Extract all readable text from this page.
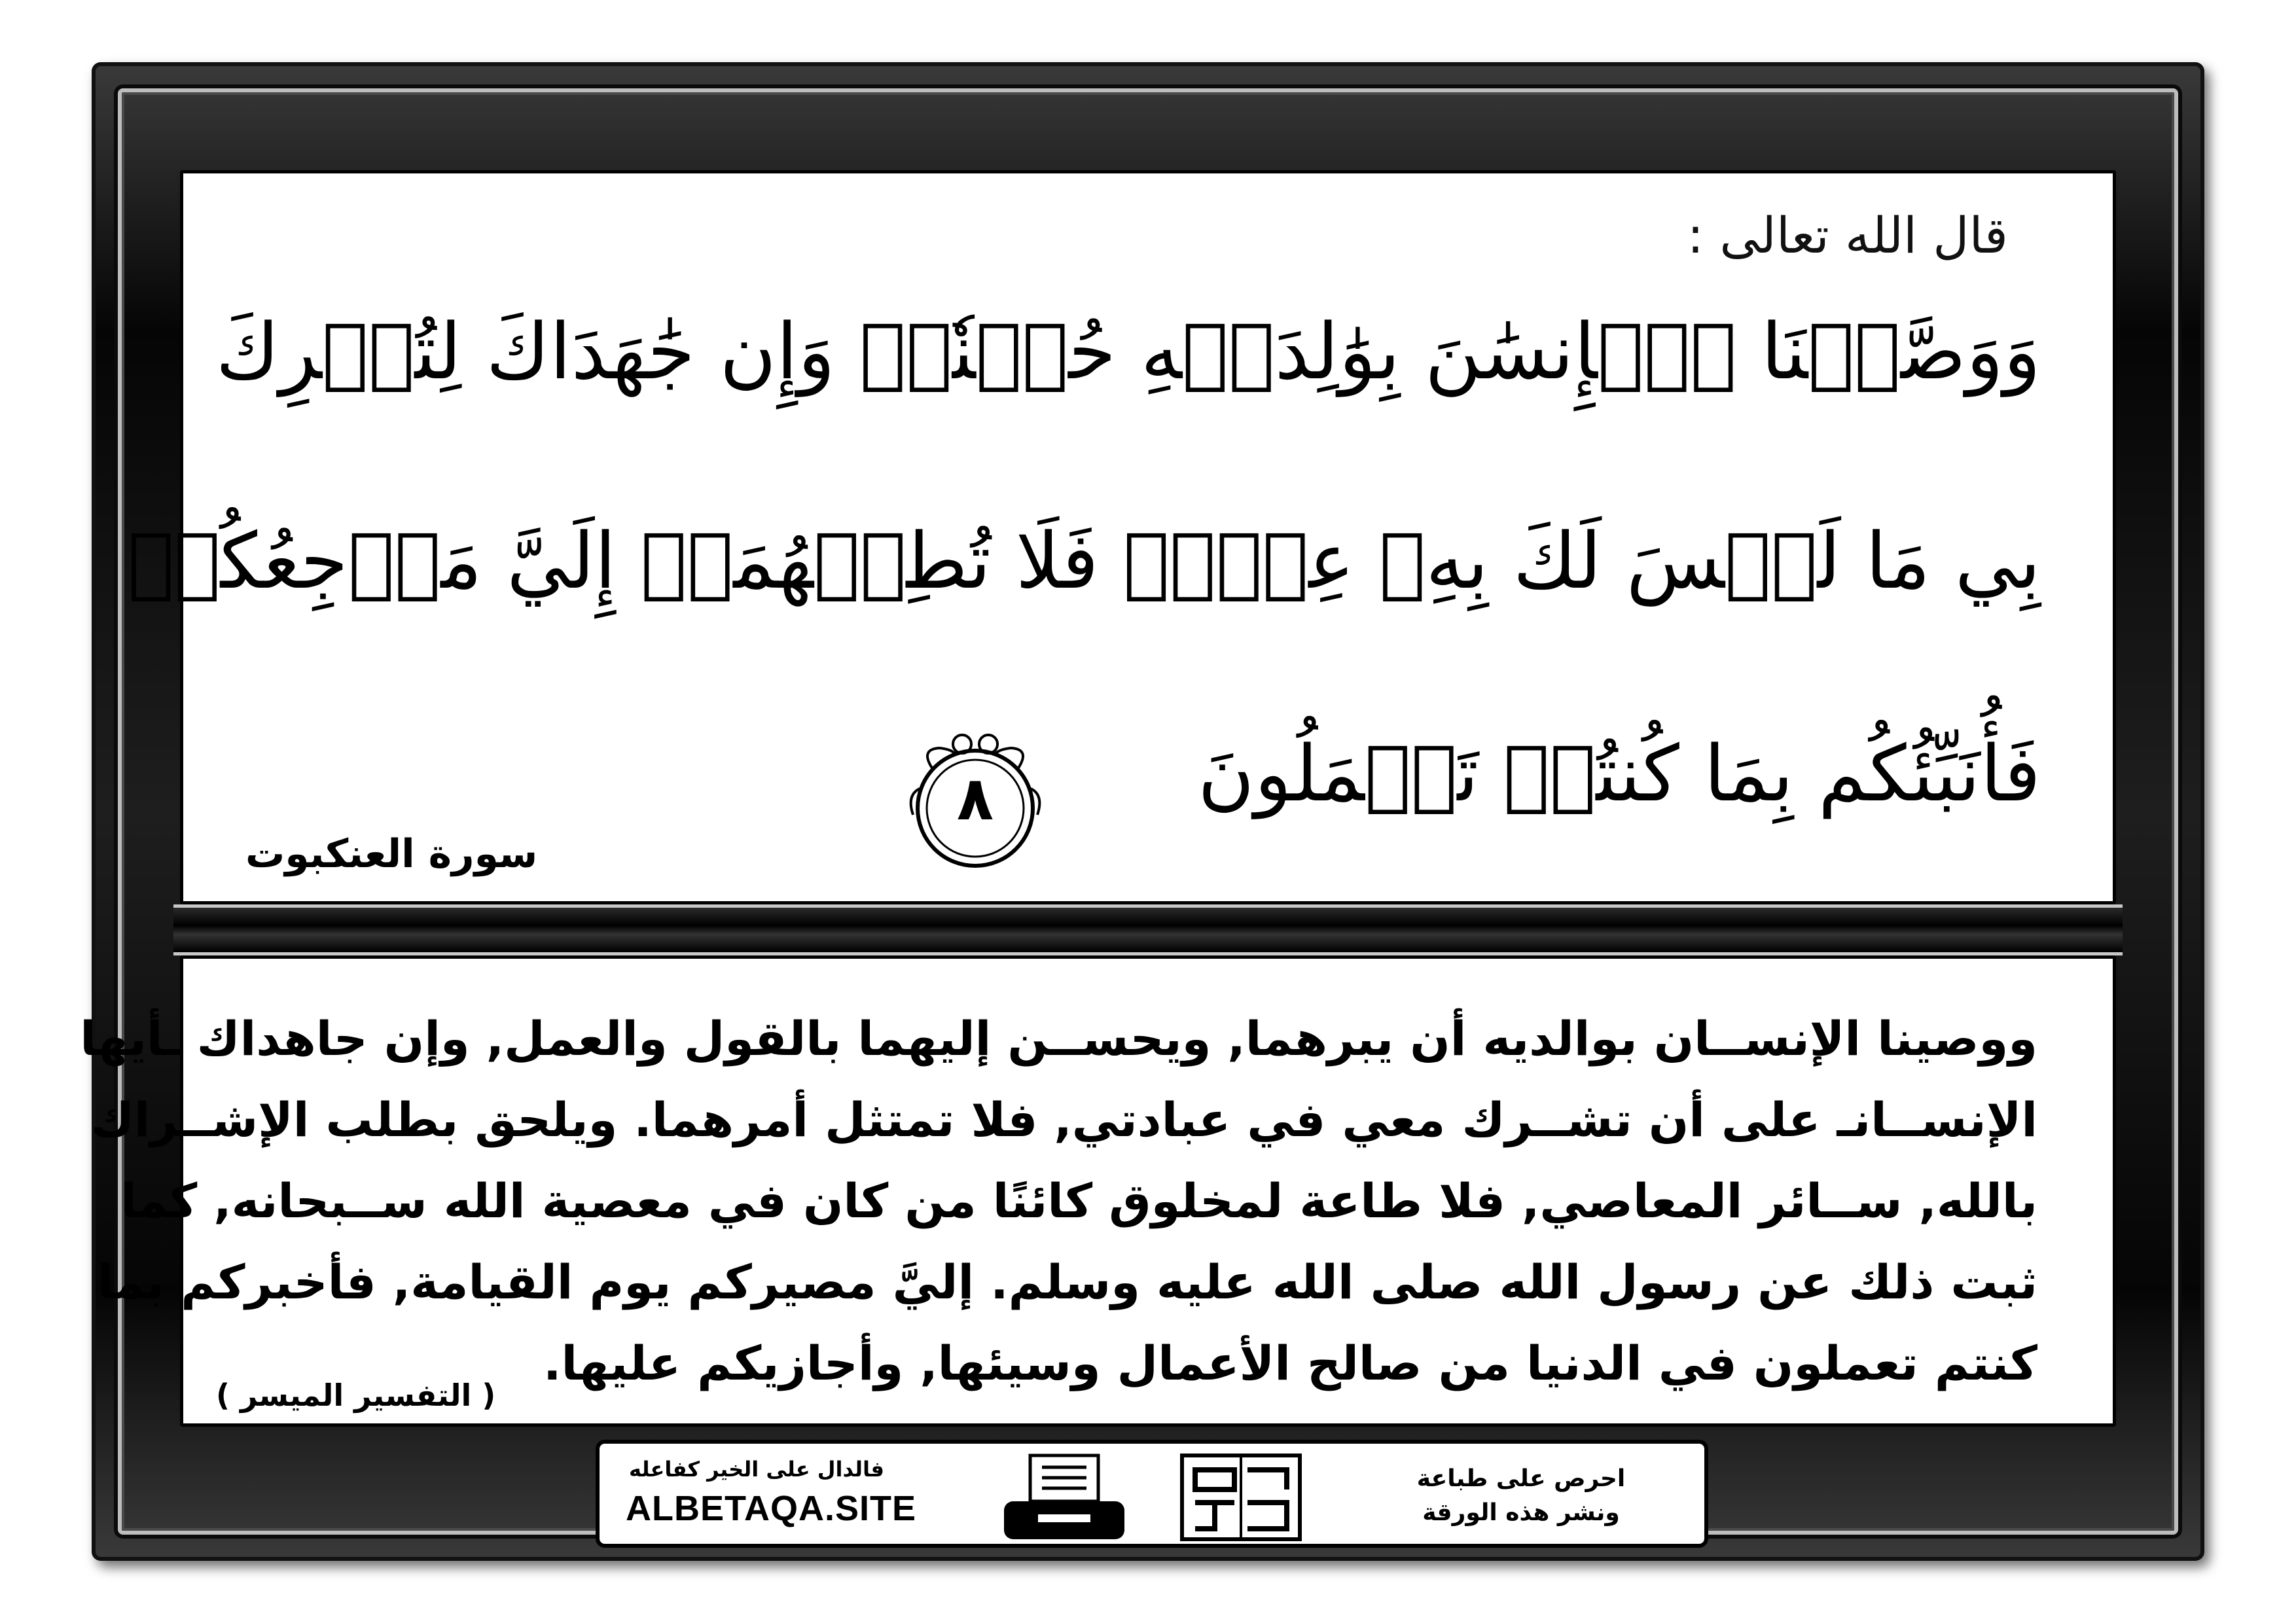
قال الله تعالى :
وَوَصَّيۡنَا ٱلۡإِنسَٰنَ بِوَٰلِدَيۡهِ حُسۡنٗاۖ وَإِن جَٰهَدَاكَ لِتُشۡرِكَ
بِي مَا لَيۡسَ لَكَ بِهِۦ عِلۡمٞ فَلَا تُطِعۡهُمَآۚ إِلَيَّ مَرۡجِعُكُمۡ
فَأُنَبِّئُكُم بِمَا كُنتُمۡ تَعۡمَلُونَ
٨
سورة العنكبوت
ووصينا الإنســان بوالديه أن يبرهما, ويحســن إليهما بالقول والعمل, وإن جاهداك ـأيها
الإنســانـ على أن تشــرك معي في عبادتي, فلا تمتثل أمرهما. ويلحق بطلب الإشــراك
بالله, ســائر المعاصي, فلا طاعة لمخلوق كائنًا من كان في معصية الله ســبحانه, كما
ثبت ذلك عن رسول الله صلى الله عليه وسلم. إليَّ مصيركم يوم القيامة, فأخبركم بما
كنتم تعملون في الدنيا من صالح الأعمال وسيئها, وأجازيكم عليها.
( التفسير الميسر )
فالدال على الخير كفاعله
ALBETAQA.SITE
احرص على طباعة
ونشر هذه الورقة
